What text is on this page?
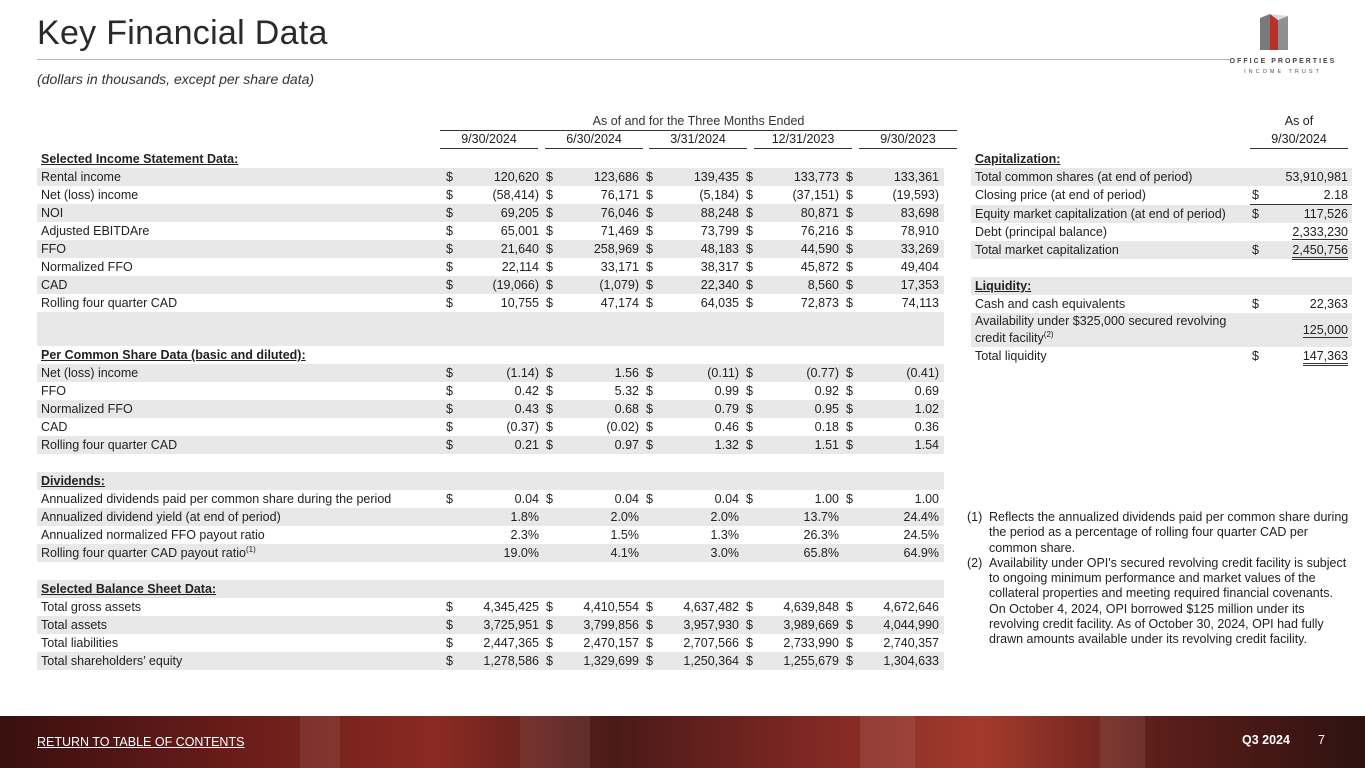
Key Financial Data
(dollars in thousands, except per share data)
OFFICE PROPERTIES
INCOME TRUST
As of and for the Three Months Ended
9/30/2024	6/30/2024	3/31/2024	12/31/2023	9/30/2023
Selected Income Statement Data:										
Rental income	$	120,620	$	123,686	$	139,435	$	133,773	$	133,361
Net (loss) income	$	(58,414)	$	76,171	$	(5,184)	$	(37,151)	$	(19,593)
NOI	$	69,205	$	76,046	$	88,248	$	80,871	$	83,698
Adjusted EBITDAre	$	65,001	$	71,469	$	73,799	$	76,216	$	78,910
FFO	$	21,640	$	258,969	$	48,183	$	44,590	$	33,269
Normalized FFO	$	22,114	$	33,171	$	38,317	$	45,872	$	49,404
CAD	$	(19,066)	$	(1,079)	$	22,340	$	8,560	$	17,353
Rolling four quarter CAD	$	10,755	$	47,174	$	64,035	$	72,873	$	74,113

Per Common Share Data (basic and diluted):										
Net (loss) income	$	(1.14)	$	1.56	$	(0.11)	$	(0.77)	$	(0.41)
FFO	$	0.42	$	5.32	$	0.99	$	0.92	$	0.69
Normalized FFO	$	0.43	$	0.68	$	0.79	$	0.95	$	1.02
CAD	$	(0.37)	$	(0.02)	$	0.46	$	0.18	$	0.36
Rolling four quarter CAD	$	0.21	$	0.97	$	1.32	$	1.51	$	1.54

Dividends:										
Annualized dividends paid per common share during the period	$	0.04	$	0.04	$	0.04	$	1.00	$	1.00
Annualized dividend yield (at end of period)		1.8%		2.0%		2.0%		13.7%		24.4%
Annualized normalized FFO payout ratio		2.3%		1.5%		1.3%		26.3%		24.5%
Rolling four quarter CAD payout ratio$^{(1)}$		19.0%		4.1%		3.0%		65.8%		64.9%

Selected Balance Sheet Data:										
Total gross assets	$	4,345,425	$	4,410,554	$	4,637,482	$	4,639,848	$	4,672,646
Total assets	$	3,725,951	$	3,799,856	$	3,957,930	$	3,989,669	$	4,044,990
Total liabilities	$	2,447,365	$	2,470,157	$	2,707,566	$	2,733,990	$	2,740,357
Total shareholders’ equity	$	1,278,586	$	1,329,699	$	1,250,364	$	1,255,679	$	1,304,633
As of
9/30/2024
Capitalization:		
Total common shares (at end of period)		53,910,981
Closing price (at end of period)	$	2.18
Equity market capitalization (at end of period)	$	117,526
Debt (principal balance)		2,333,230
Total market capitalization	$	2,450,756

Liquidity:		
Cash and cash equivalents	$	22,363
Availability under $325,000 secured revolving credit facility$^{(2)}$		125,000
Total liquidity	$	147,363
(1) Reflects the annualized dividends paid per common share during the period as a percentage of rolling four quarter CAD per common share.
(2) Availability under OPI's secured revolving credit facility is subject to ongoing minimum performance and market values of the collateral properties and meeting required financial covenants. On October 4, 2024, OPI borrowed $125 million under its revolving credit facility. As of October 30, 2024, OPI had fully drawn amounts available under its revolving credit facility.
RETURN TO TABLE OF CONTENTS	Q3 2024 7
